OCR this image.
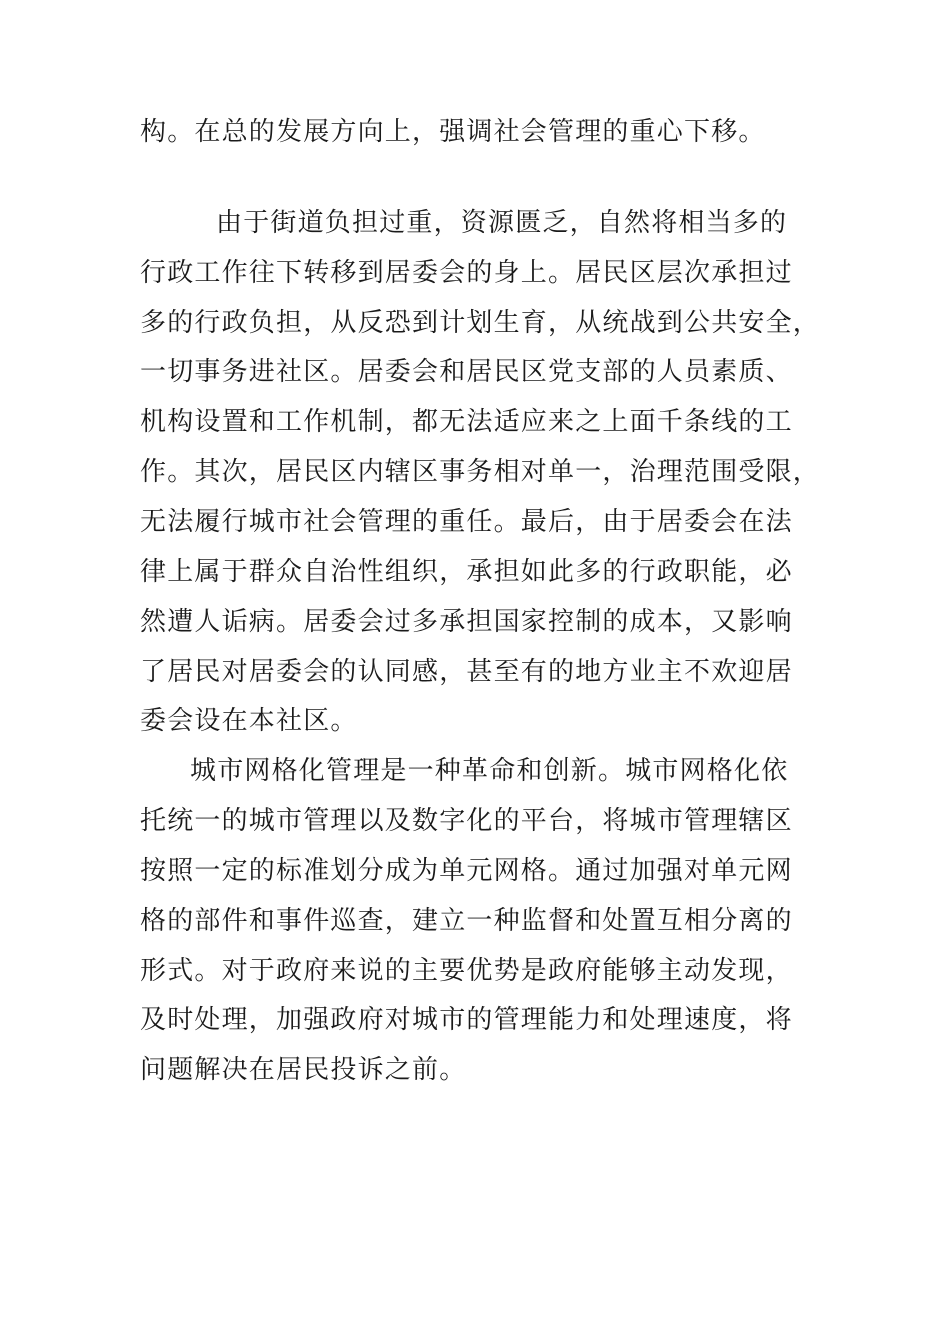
构。在总的发展方向上，强调社会管理的重心下移。
由于街道负担过重，资源匮乏，自然将相当多的
行政工作往下转移到居委会的身上。居民区层次承担过
多的行政负担，从反恐到计划生育，从统战到公共安全，
一切事务进社区。居委会和居民区党支部的人员素质、
机构设置和工作机制，都无法适应来之上面千条线的工
作。其次，居民区内辖区事务相对单一，治理范围受限，
无法履行城市社会管理的重任。最后，由于居委会在法
律上属于群众自治性组织，承担如此多的行政职能，必
然遭人诟病。居委会过多承担国家控制的成本，又影响
了居民对居委会的认同感，甚至有的地方业主不欢迎居
委会设在本社区。
城市网格化管理是一种革命和创新。城市网格化依
托统一的城市管理以及数字化的平台，将城市管理辖区
按照一定的标准划分成为单元网格。通过加强对单元网
格的部件和事件巡查，建立一种监督和处置互相分离的
形式。对于政府来说的主要优势是政府能够主动发现，
及时处理，加强政府对城市的管理能力和处理速度，将
问题解决在居民投诉之前。
